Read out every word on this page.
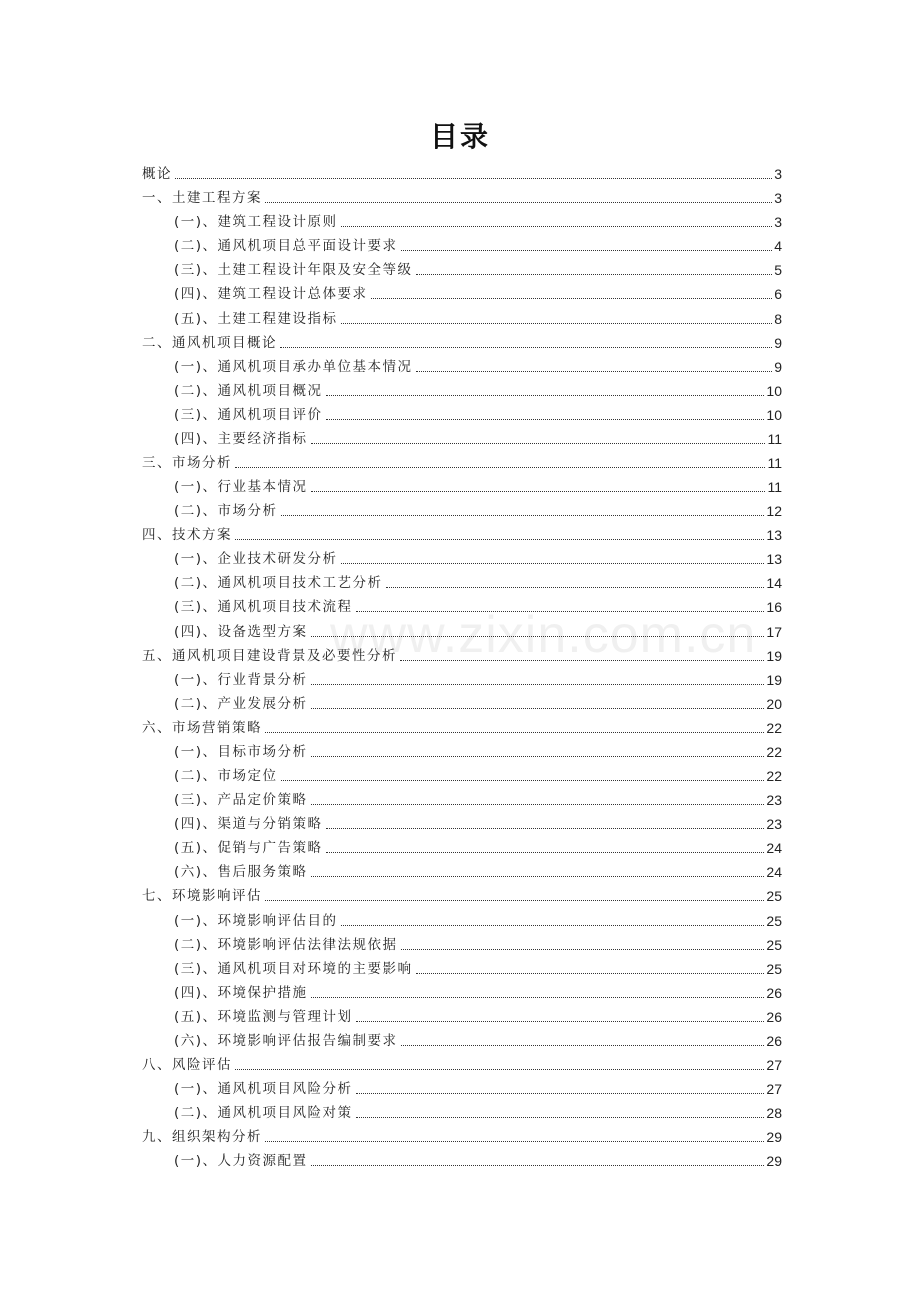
目录
www.zixin.com.cn
概论	3
一、土建工程方案	3
(一)、建筑工程设计原则	3
(二)、通风机项目总平面设计要求	4
(三)、土建工程设计年限及安全等级	5
(四)、建筑工程设计总体要求	6
(五)、土建工程建设指标	8
二、通风机项目概论	9
(一)、通风机项目承办单位基本情况	9
(二)、通风机项目概况	10
(三)、通风机项目评价	10
(四)、主要经济指标	11
三、市场分析	11
(一)、行业基本情况	11
(二)、市场分析	12
四、技术方案	13
(一)、企业技术研发分析	13
(二)、通风机项目技术工艺分析	14
(三)、通风机项目技术流程	16
(四)、设备选型方案	17
五、通风机项目建设背景及必要性分析	19
(一)、行业背景分析	19
(二)、产业发展分析	20
六、市场营销策略	22
(一)、目标市场分析	22
(二)、市场定位	22
(三)、产品定价策略	23
(四)、渠道与分销策略	23
(五)、促销与广告策略	24
(六)、售后服务策略	24
七、环境影响评估	25
(一)、环境影响评估目的	25
(二)、环境影响评估法律法规依据	25
(三)、通风机项目对环境的主要影响	25
(四)、环境保护措施	26
(五)、环境监测与管理计划	26
(六)、环境影响评估报告编制要求	26
八、风险评估	27
(一)、通风机项目风险分析	27
(二)、通风机项目风险对策	28
九、组织架构分析	29
(一)、人力资源配置	29
